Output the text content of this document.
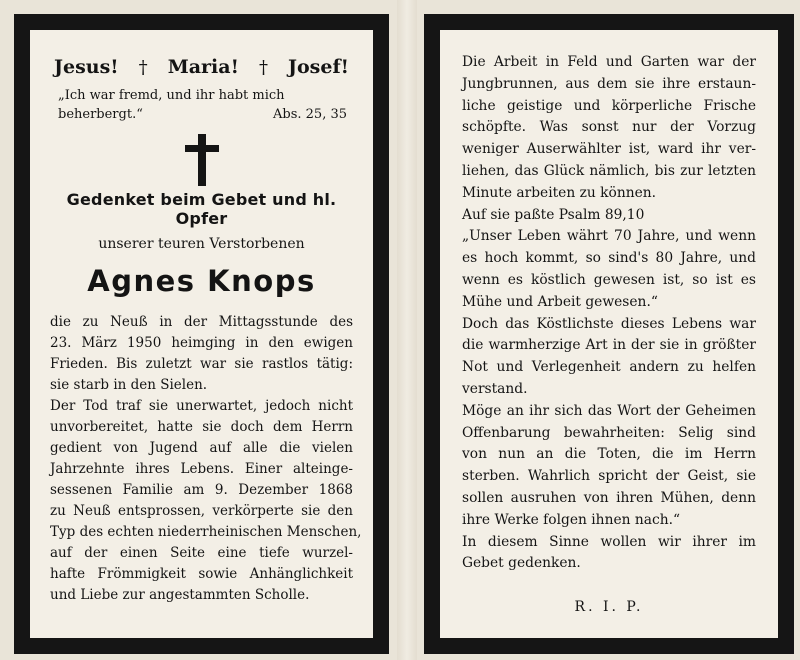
Jesus! † Maria! † Josef!
„Ich war fremd, und ihr habt mich
beherbergt.“	Abs. 25, 35
Gedenket beim Gebet und hl. Opfer
unserer teuren Verstorbenen
Agnes Knops

die zu Neuß in der Mittagsstunde des
23. März 1950 heimging in den ewigen
Frieden. Bis zuletzt war sie rastlos tätig:
sie starb in den Sielen.

Der Tod traf sie unerwartet, jedoch nicht
unvorbereitet, hatte sie doch dem Herrn
gedient von Jugend auf alle die vielen
Jahrzehnte ihres Lebens. Einer alteinge-
sessenen Familie am 9. Dezember 1868
zu Neuß entsprossen, verkörperte sie den
Typ des echten niederrheinischen Menschen,
auf der einen Seite eine tiefe wurzel-
hafte Frömmigkeit sowie Anhänglichkeit
und Liebe zur angestammten Scholle.

Die Arbeit in Feld und Garten war der
Jungbrunnen, aus dem sie ihre erstaun-
liche geistige und körperliche Frische
schöpfte. Was sonst nur der Vorzug
weniger Auserwählter ist, ward ihr ver-
liehen, das Glück nämlich, bis zur letzten
Minute arbeiten zu können.

Auf sie paßte Psalm 89,10

„Unser Leben währt 70 Jahre, und wenn
es hoch kommt, so sind's 80 Jahre, und
wenn es köstlich gewesen ist, so ist es
Mühe und Arbeit gewesen.“

Doch das Köstlichste dieses Lebens war
die warmherzige Art in der sie in größter
Not und Verlegenheit andern zu helfen
verstand.

Möge an ihr sich das Wort der Geheimen
Offenbarung bewahrheiten: Selig sind
von nun an die Toten, die im Herrn
sterben. Wahrlich spricht der Geist, sie
sollen ausruhen von ihren Mühen, denn
ihre Werke folgen ihnen nach.“

In diesem Sinne wollen wir ihrer im
Gebet gedenken.

R. I. P.
